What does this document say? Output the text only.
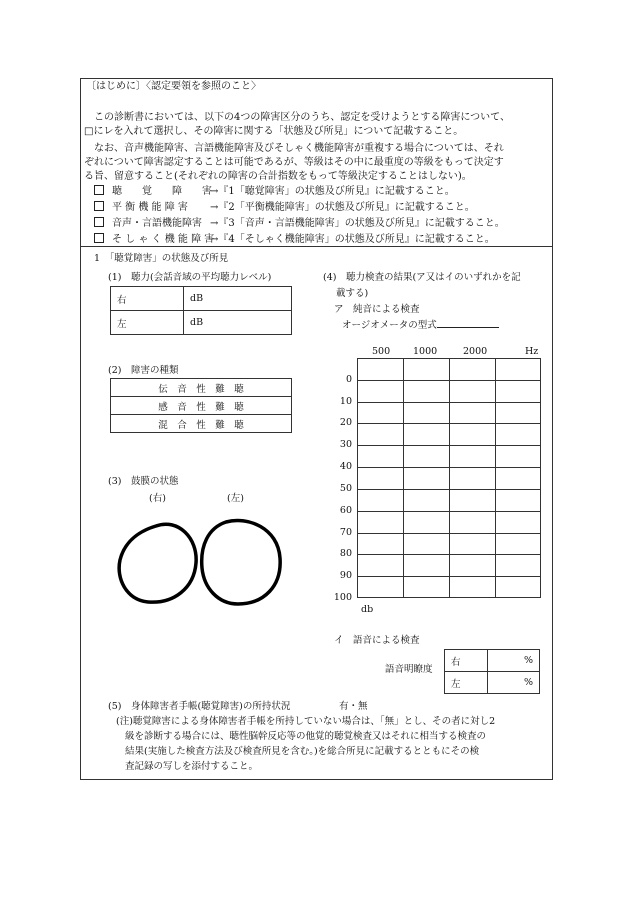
〔はじめに〕〈認定要領を参照のこと〉
　この診断書においては、以下の4つの障害区分のうち、認定を受けようとする障害について、
□にレを入れて選択し、その障害に関する「状態及び所見」について記載すること。
　なお、音声機能障害、言語機能障害及びそしゃく機能障害が重複する場合については、それ
ぞれについて障害認定することは可能であるが、等級はその中に最重度の等級をもって決定す
る旨、留意すること(それぞれの障害の合計指数をもって等級決定することはしない)。
聴　　覚　　障　　害→『1「聴覚障害」の状態及び所見』に記載すること。
平 衡 機 能 障 害 →『2「平衡機能障害」の状態及び所見』に記載すること。
音声・言語機能障害 →『3「音声・言語機能障害」の状態及び所見』に記載すること。
そ し ゃ く 機 能 障 害→『4「そしゃく機能障害」の状態及び所見』に記載すること。
1　「聴覚障害」の状態及び所見
(1)　聴力(会話音域の平均聴力レベル)
右	dB
左	dB
(2)　障害の種類
伝　音　性　難　聴
感　音　性　難　聴
混　合　性　難　聴
(3)　鼓膜の状態
(右)	(左)
(4)　聴力検査の結果(ア又はイのいずれかを記
載する)
ア　純音による検査
オージオメータの型式
0
10
20
30
40
50
60
70
80
90
100
500 1000	2000	Hz
db
イ　語音による検査
語音明瞭度
右	%
左	%
(5)　身体障害者手帳(聴覚障害)の所持状況	有・無
(注)聴覚障害による身体障害者手帳を所持していない場合は、「無」とし、その者に対し2
級を診断する場合には、聴性脳幹反応等の他覚的聴覚検査又はそれに相当する検査の
結果(実施した検査方法及び検査所見を含む。)を総合所見に記載するとともにその検
査記録の写しを添付すること。
